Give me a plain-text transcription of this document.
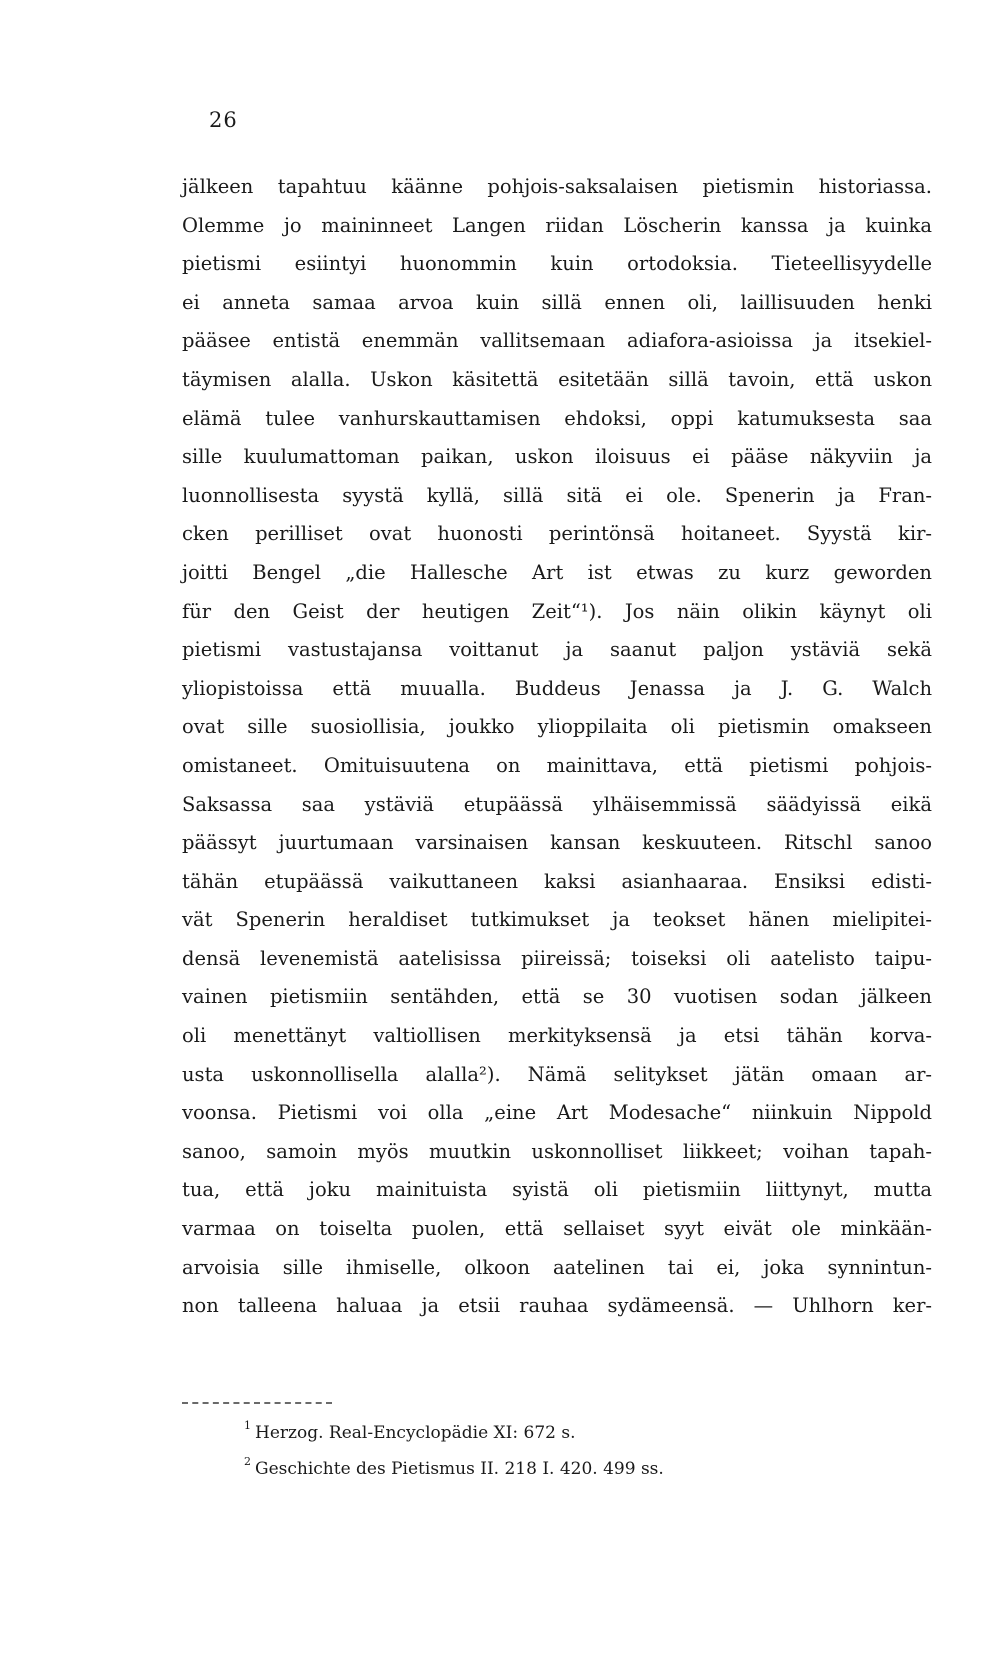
26
jälkeen tapahtuu käänne pohjois-saksalaisen pietismin historiassa.
Olemme jo maininneet Langen riidan Löscherin kanssa ja kuinka
pietismi esiintyi huonommin kuin ortodoksia. Tieteellisyydelle
ei anneta samaa arvoa kuin sillä ennen oli, laillisuuden henki
pääsee entistä enemmän vallitsemaan adiafora-asioissa ja itsekiel-
täymisen alalla. Uskon käsitettä esitetään sillä tavoin, että uskon
elämä tulee vanhurskauttamisen ehdoksi, oppi katumuksesta saa
sille kuulumattoman paikan, uskon iloisuus ei pääse näkyviin ja
luonnollisesta syystä kyllä, sillä sitä ei ole. Spenerin ja Fran-
cken perilliset ovat huonosti perintönsä hoitaneet. Syystä kir-
joitti Bengel „die Hallesche Art ist etwas zu kurz geworden
für den Geist der heutigen Zeit“¹). Jos näin olikin käynyt oli
pietismi vastustajansa voittanut ja saanut paljon ystäviä sekä
yliopistoissa että muualla. Buddeus Jenassa ja J. G. Walch
ovat sille suosiollisia, joukko ylioppilaita oli pietismin omakseen
omistaneet. Omituisuutena on mainittava, että pietismi pohjois-
Saksassa saa ystäviä etupäässä ylhäisemmissä säädyissä eikä
päässyt juurtumaan varsinaisen kansan keskuuteen. Ritschl sanoo
tähän etupäässä vaikuttaneen kaksi asianhaaraa. Ensiksi edisti-
vät Spenerin heraldiset tutkimukset ja teokset hänen mielipitei-
densä levenemistä aatelisissa piireissä; toiseksi oli aatelisto taipu-
vainen pietismiin sentähden, että se 30 vuotisen sodan jälkeen
oli menettänyt valtiollisen merkityksensä ja etsi tähän korva-
usta uskonnollisella alalla²). Nämä selitykset jätän omaan ar-
voonsa. Pietismi voi olla „eine Art Modesache“ niinkuin Nippold
sanoo, samoin myös muutkin uskonnolliset liikkeet; voihan tapah-
tua, että joku mainituista syistä oli pietismiin liittynyt, mutta
varmaa on toiselta puolen, että sellaiset syyt eivät ole minkään-
arvoisia sille ihmiselle, olkoon aatelinen tai ei, joka synnintun-
non talleena haluaa ja etsii rauhaa sydämeensä. — Uhlhorn ker-
$^1$ Herzog. Real-Encyclopädie XI: 672 s.
$^2$ Geschichte des Pietismus II. 218 I. 420. 499 ss.
